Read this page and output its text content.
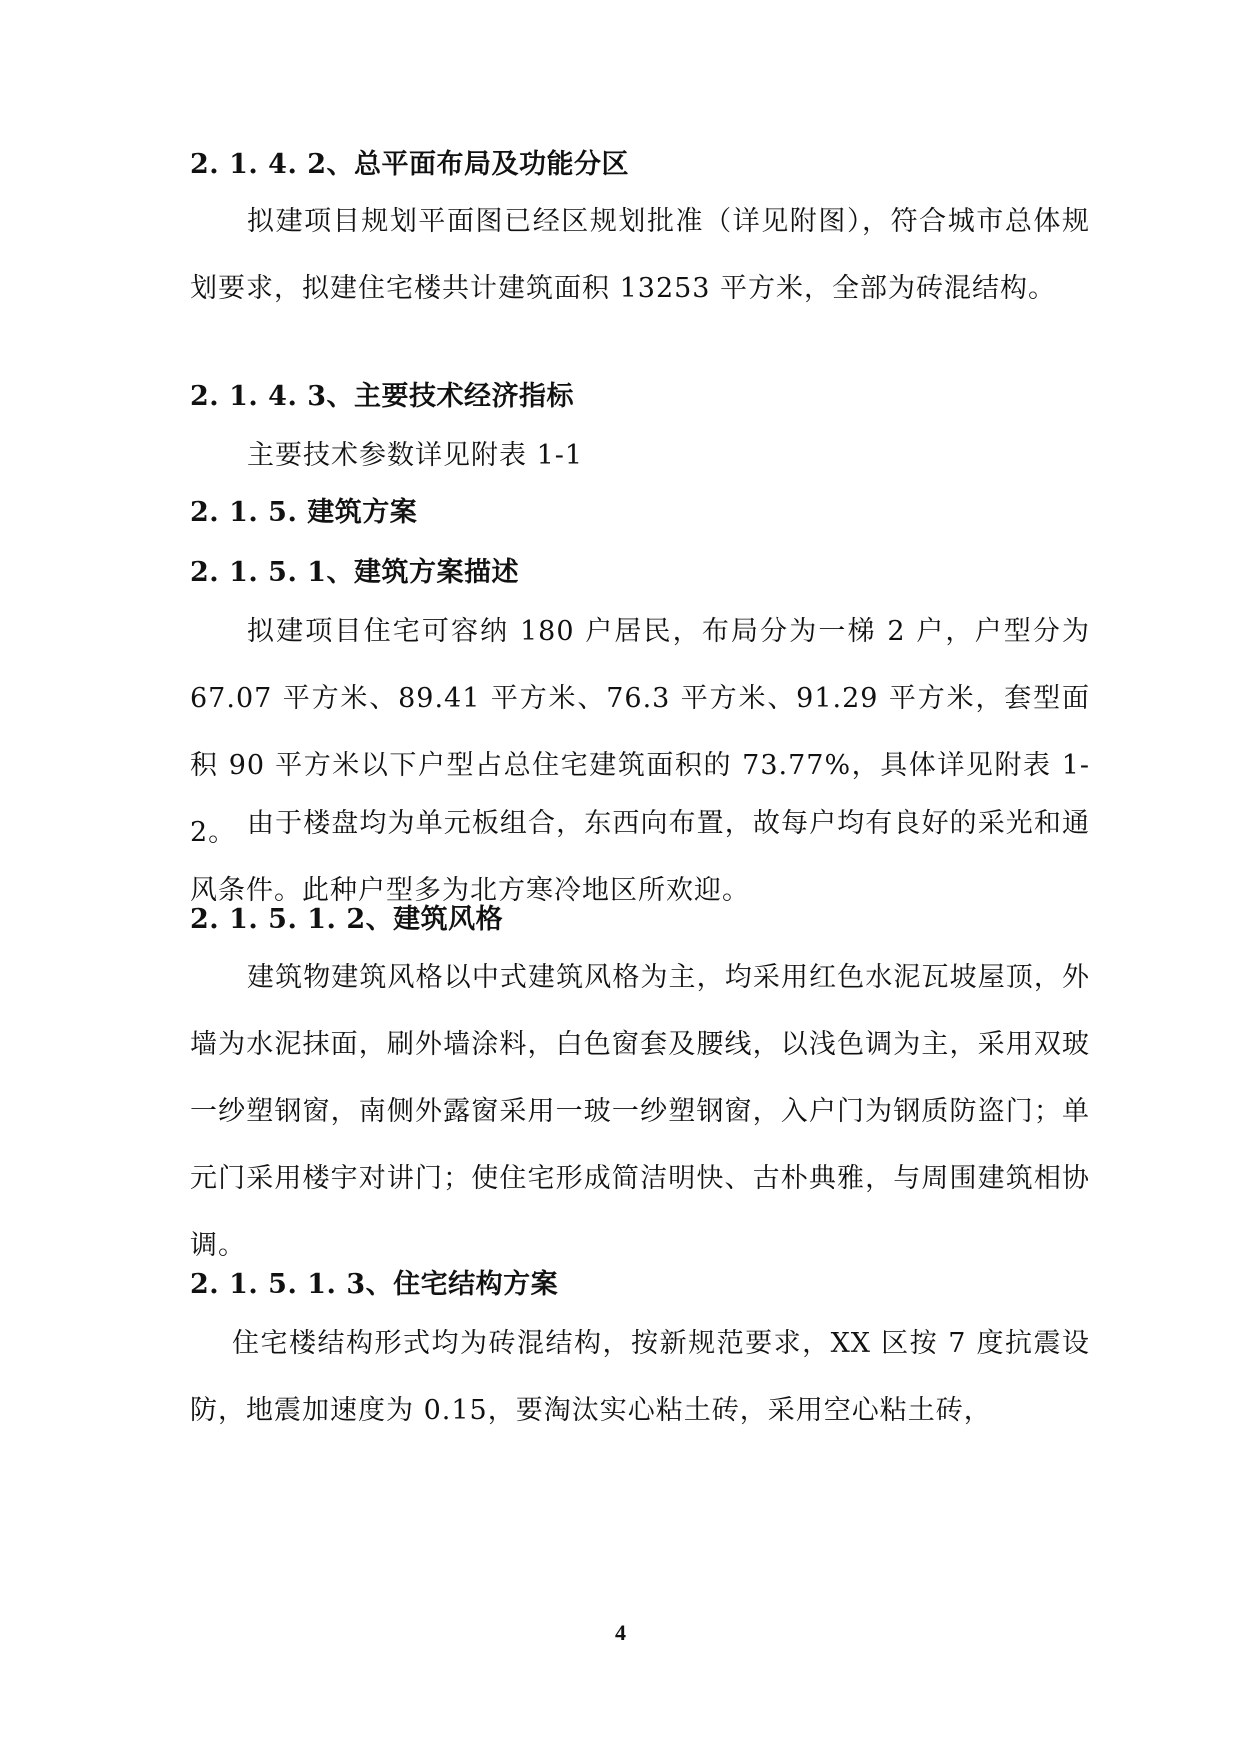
2. 1. 4. 2、总平面布局及功能分区
拟建项目规划平面图已经区规划批准（详见附图），符合城市总体规划要求，拟建住宅楼共计建筑面积 13253 平方米，全部为砖混结构。
2. 1. 4. 3、主要技术经济指标
主要技术参数详见附表 1-1
2. 1. 5. 建筑方案
2. 1. 5. 1、建筑方案描述
拟建项目住宅可容纳 180 户居民，布局分为一梯 2 户，户型分为 67.07 平方米、89.41 平方米、76.3 平方米、91.29 平方米，套型面积 90 平方米以下户型占总住宅建筑面积的 73.77%，具体详见附表 1-2。 由于楼盘均为单元板组合，东西向布置，故每户均有良好的采光和通风条件。此种户型多为北方寒冷地区所欢迎。
2. 1. 5. 1. 2、建筑风格
建筑物建筑风格以中式建筑风格为主，均采用红色水泥瓦坡屋顶，外墙为水泥抹面，刷外墙涂料，白色窗套及腰线，以浅色调为主，采用双玻一纱塑钢窗，南侧外露窗采用一玻一纱塑钢窗，入户门为钢质防盗门；单元门采用楼宇对讲门；使住宅形成简洁明快、古朴典雅，与周围建筑相协调。
2. 1. 5. 1. 3、住宅结构方案
住宅楼结构形式均为砖混结构，按新规范要求，XX 区按 7 度抗震设防，地震加速度为 0.15，要淘汰实心粘土砖，采用空心粘土砖，
4
